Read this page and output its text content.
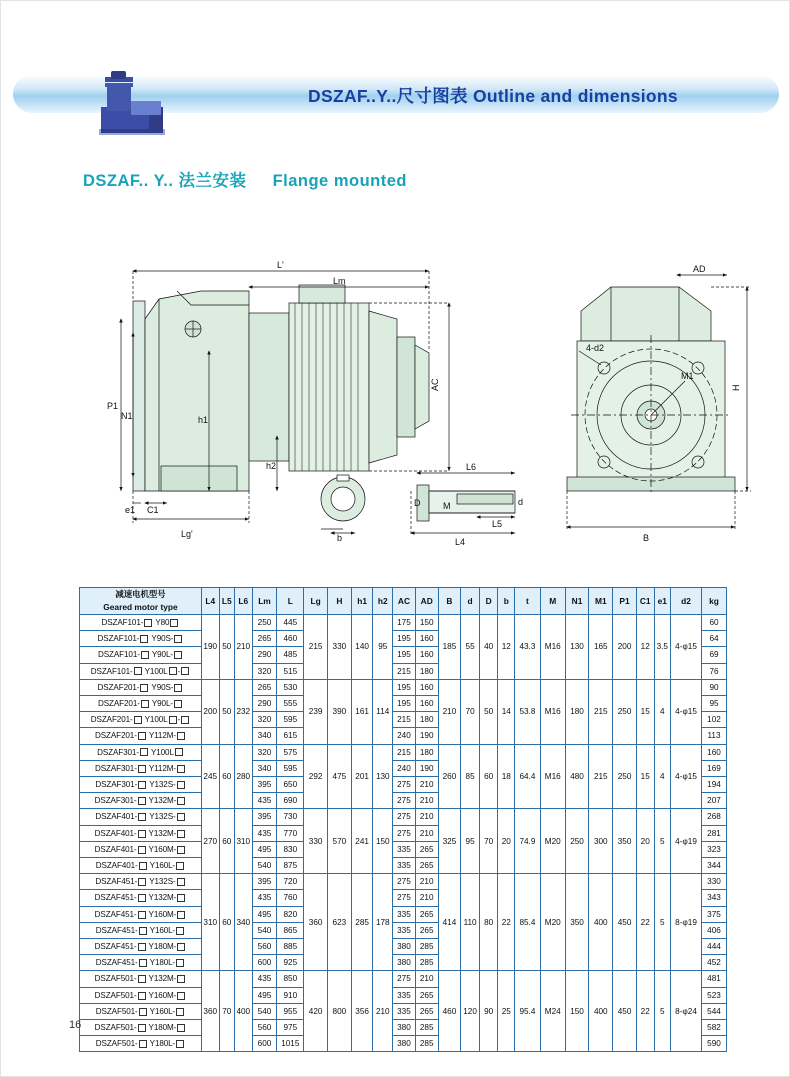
DSZAF..Y..尺寸图表 Outline and dimensions
DSZAF.. Y.. 法兰安装 Flange mounted
L'
Lm
AD
AC
h1
h2
P1
N1
Lg'
e1 C1
4-d2
M1
H
B
L6
L5
L4
M
D	d
b
减速电机型号
Geared motor type	L4	L5	L6	Lm	L	Lg	H	h1	h2	AC	AD	B	d	D	b	t	M	N1	M1	P1	C1	e1	d2	kg
DSZAF101- Y80	190	50	210	250	445	215	330	140	95	175	150	185	55	40	12	43.3	M16	130	165	200	12	3.5	4-φ15	60
DSZAF101- Y90S-				265	460					195	160													64
DSZAF101- Y90L-				290	485					195	160													69
DSZAF101- Y100L -				320	515					215	180													76
DSZAF201- Y90S-	200	50	232	265	530	239	390	161	114	195	160	210	70	50	14	53.8	M16	180	215	250	15	4	4-φ15	90
DSZAF201- Y90L-				290	555					195	160													95
DSZAF201- Y100L -				320	595					215	180													102
DSZAF201- Y112M-				340	615					240	190													113
DSZAF301- Y100L	245	60	280	320	575	292	475	201	130	215	180	260	85	60	18	64.4	M16	480	215	250	15	4	4-φ15	160
DSZAF301- Y112M-				340	595					240	190													169
DSZAF301- Y132S-				395	650					275	210													194
DSZAF301- Y132M-				435	690					275	210													207
DSZAF401- Y132S-	270	60	310	395	730	330	570	241	150	275	210	325	95	70	20	74.9	M20	250	300	350	20	5	4-φ19	268
DSZAF401- Y132M-				435	770					275	210													281
DSZAF401- Y160M-				495	830					335	265													323
DSZAF401- Y160L-				540	875					335	265													344
DSZAF451- Y132S-	310	60	340	395	720	360	623	285	178	275	210	414	110	80	22	85.4	M20	350	400	450	22	5	8-φ19	330
DSZAF451- Y132M-				435	760					275	210													343
DSZAF451- Y160M-				495	820					335	265													375
DSZAF451- Y160L-				540	865					335	265													406
DSZAF451- Y180M-				560	885					380	285													444
DSZAF451- Y180L-				600	925					380	285													452
DSZAF501- Y132M-	360	70	400	435	850	420	800	356	210	275	210	460	120	90	25	95.4	M24	150	400	450	22	5	8-φ24	481
DSZAF501- Y160M-				495	910					335	265													523
DSZAF501- Y160L-				540	955					335	265													544
DSZAF501- Y180M-				560	975					380	285													582
DSZAF501- Y180L-				600	1015					380	285													590
16
